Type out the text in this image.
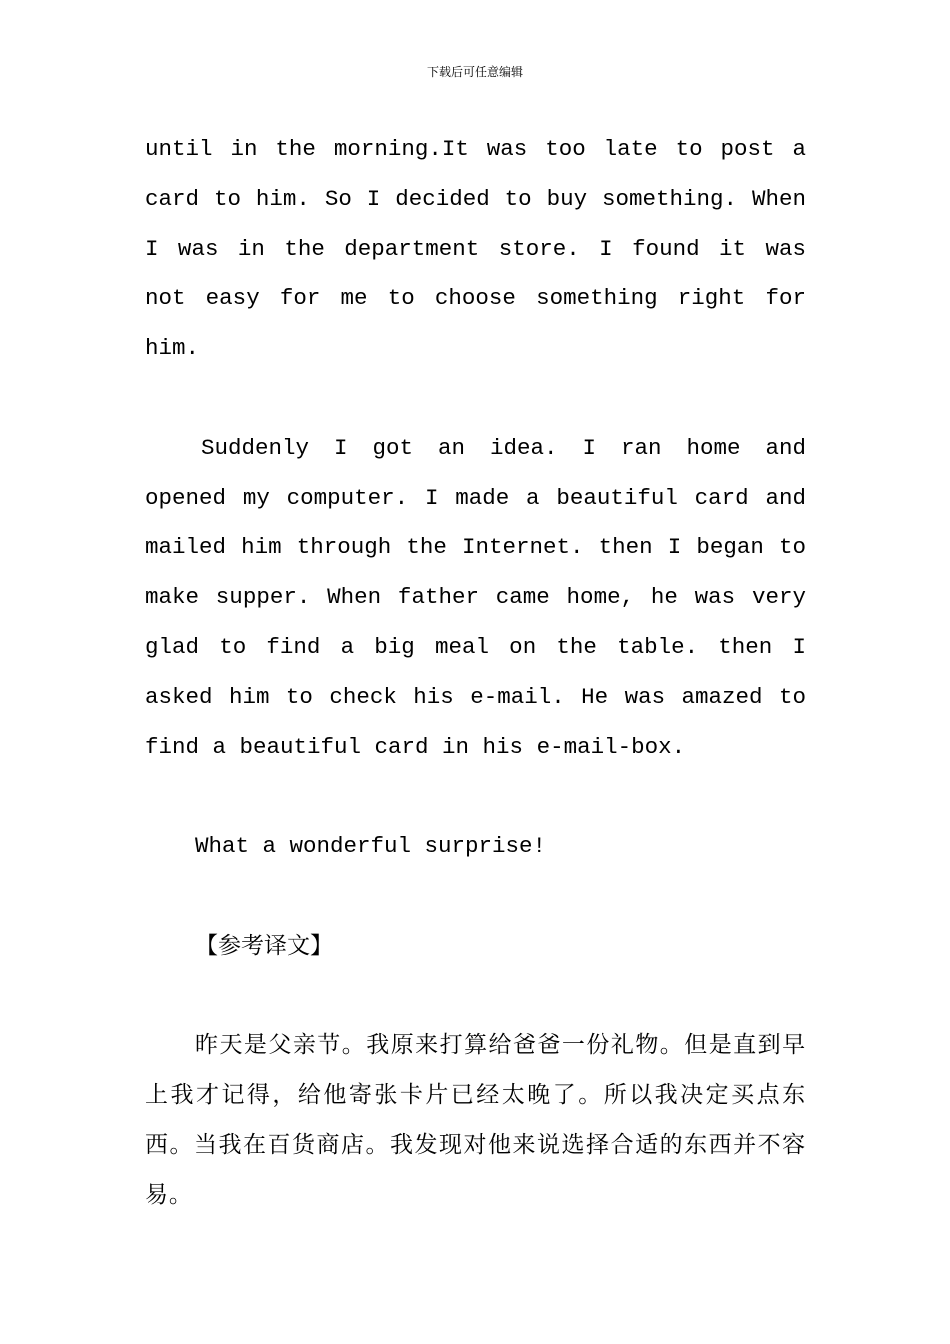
下载后可任意编辑

until in the morning.It was too late to post a card to him. So I decided to buy something. When I was in the department store. I found it was not easy for me to choose something right for him.

Suddenly I got an idea. I ran home and opened my computer. I made a beautiful card and mailed him through the Internet. then I began to make supper. When father came home, he was very glad to find a big meal on the table. then I asked him to check his e-mail. He was amazed to find a beautiful card in his e-mail-box.

What a wonderful surprise!

【参考译文】

昨天是父亲节。我原来打算给爸爸一份礼物。但是直到早上我才记得，给他寄张卡片已经太晚了。所以我决定买点东西。当我在百货商店。我发现对他来说选择合适的东西并不容易。
